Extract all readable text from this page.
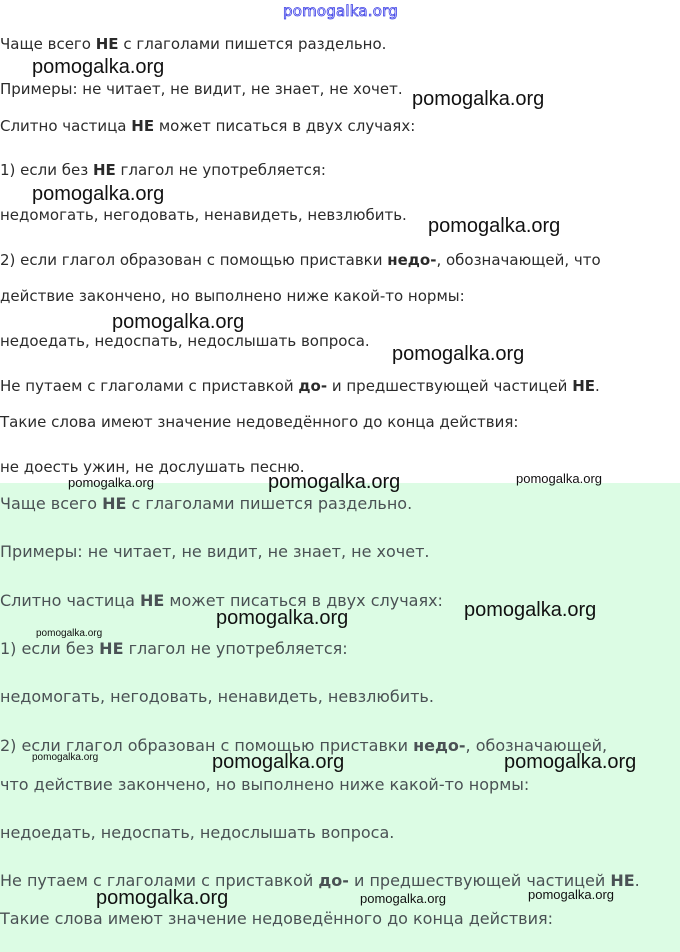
pomogalka.org

Чаще всего НЕ с глаголами пишется раздельно.

Примеры: не читает, не видит, не знает, не хочет.

Слитно частица НЕ может писаться в двух случаях:

1) если без НЕ глагол не употребляется:

недомогать, негодовать, ненавидеть, невзлюбить.

2) если глагол образован с помощью приставки недо-, обозначающей, что

действие закончено, но выполнено ниже какой-то нормы:

недоедать, недоспать, недослышать вопроса.

Не путаем с глаголами с приставкой до- и предшествующей частицей НЕ.

Такие слова имеют значение недоведённого до конца действия:

не доесть ужин, не дослушать песню.

pomogalka.org
pomogalka.org
pomogalka.org
pomogalka.org
pomogalka.org
pomogalka.org

Чаще всего НЕ с глаголами пишется раздельно.

Примеры: не читает, не видит, не знает, не хочет.

Слитно частица НЕ может писаться в двух случаях:

1) если без НЕ глагол не употребляется:

недомогать, негодовать, ненавидеть, невзлюбить.

2) если глагол образован с помощью приставки недо-, обозначающей,

что действие закончено, но выполнено ниже какой-то нормы:

недоедать, недоспать, недослышать вопроса.

Не путаем с глаголами с приставкой до- и предшествующей частицей НЕ.

Такие слова имеют значение недоведённого до конца действия:

pomogalka.org	pomogalka.org
pomogalka.org	pomogalka.org
pomogalka.org
pomogalka.org
pomogalka.org
pomogalka.org	pomogalka.org
pomogalka.org	pomogalka.org	pomogalka.org
